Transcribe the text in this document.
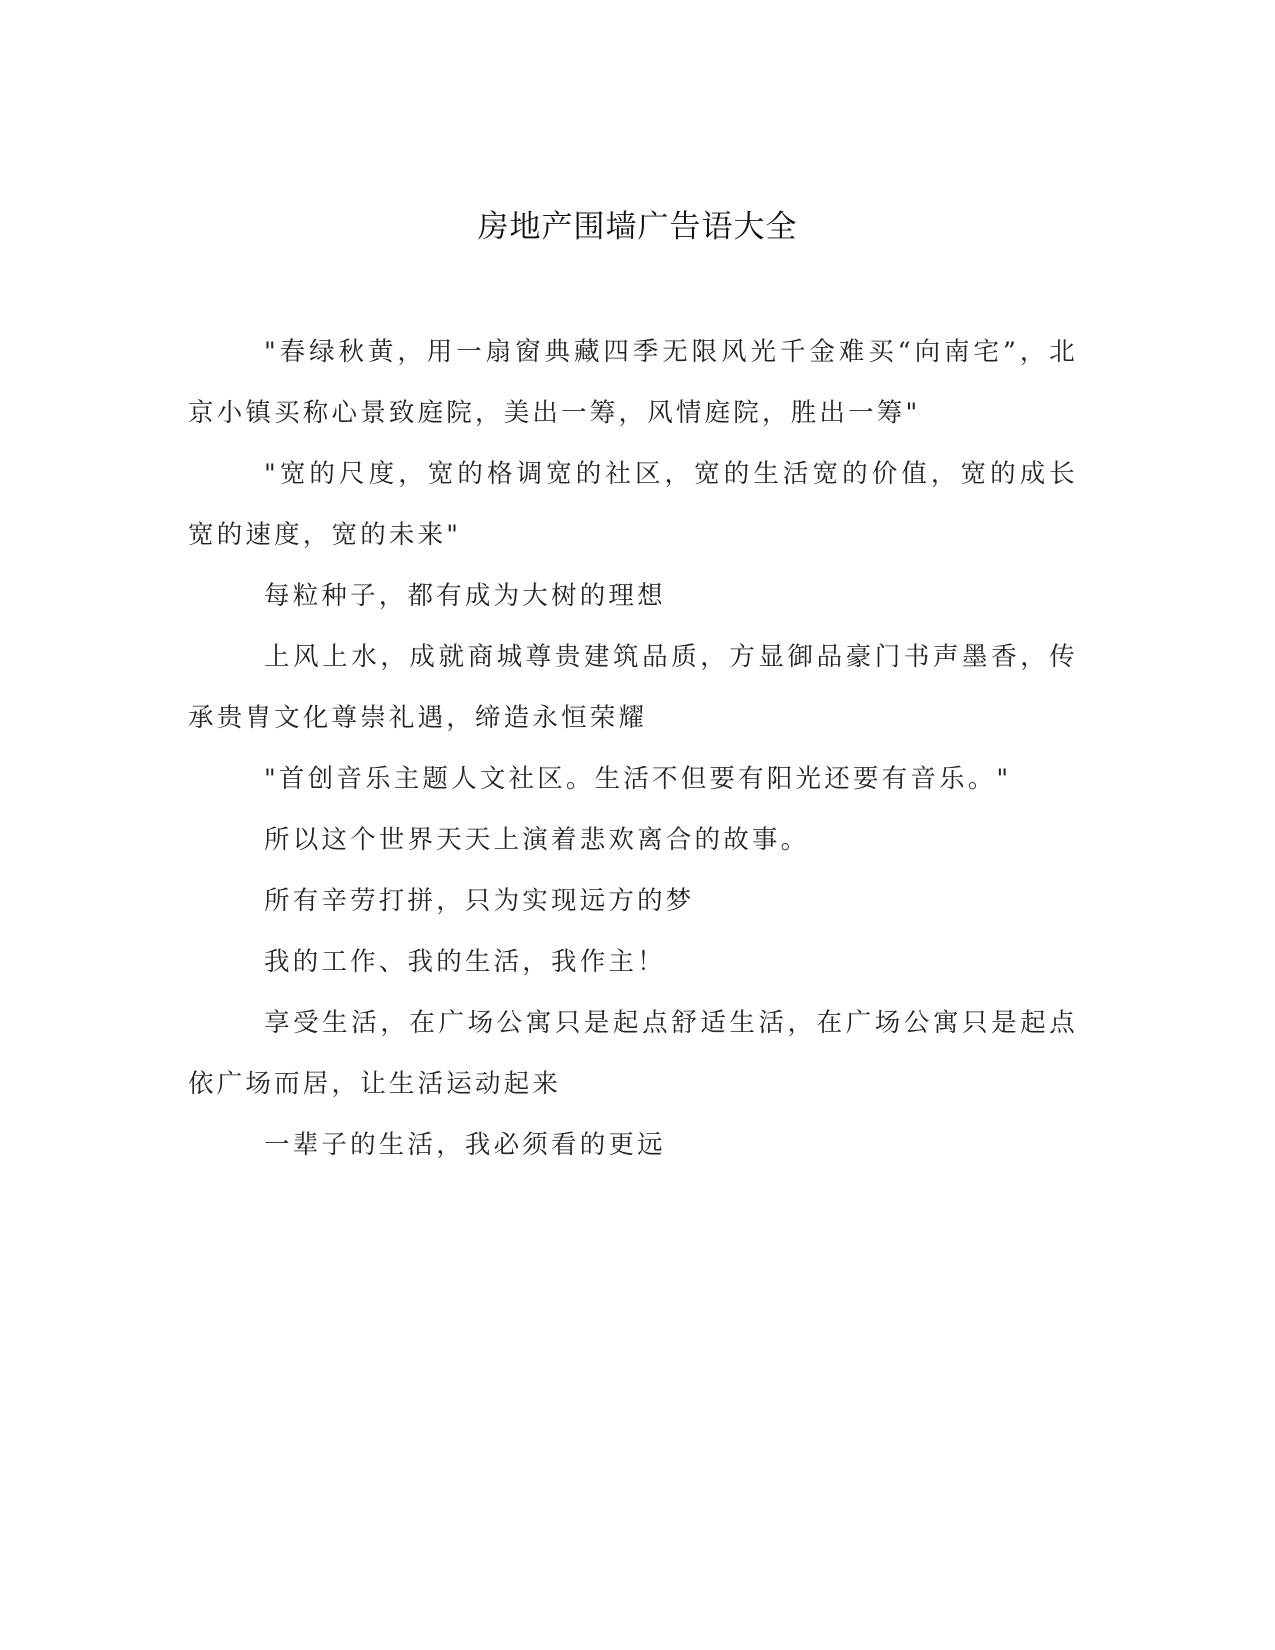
房地产围墙广告语大全

"春绿秋黄，用一扇窗典藏四季无限风光千金难买“向南宅”，北京小镇买称心景致庭院，美出一筹，风情庭院，胜出一筹"

"宽的尺度，宽的格调宽的社区，宽的生活宽的价值，宽的成长宽的速度，宽的未来"

每粒种子，都有成为大树的理想

上风上水，成就商城尊贵建筑品质，方显御品豪门书声墨香，传承贵胄文化尊崇礼遇，缔造永恒荣耀

"首创音乐主题人文社区。生活不但要有阳光还要有音乐。"

所以这个世界天天上演着悲欢离合的故事。

所有辛劳打拼，只为实现远方的梦

我的工作、我的生活，我作主！

享受生活，在广场公寓只是起点舒适生活，在广场公寓只是起点依广场而居，让生活运动起来

一辈子的生活，我必须看的更远
